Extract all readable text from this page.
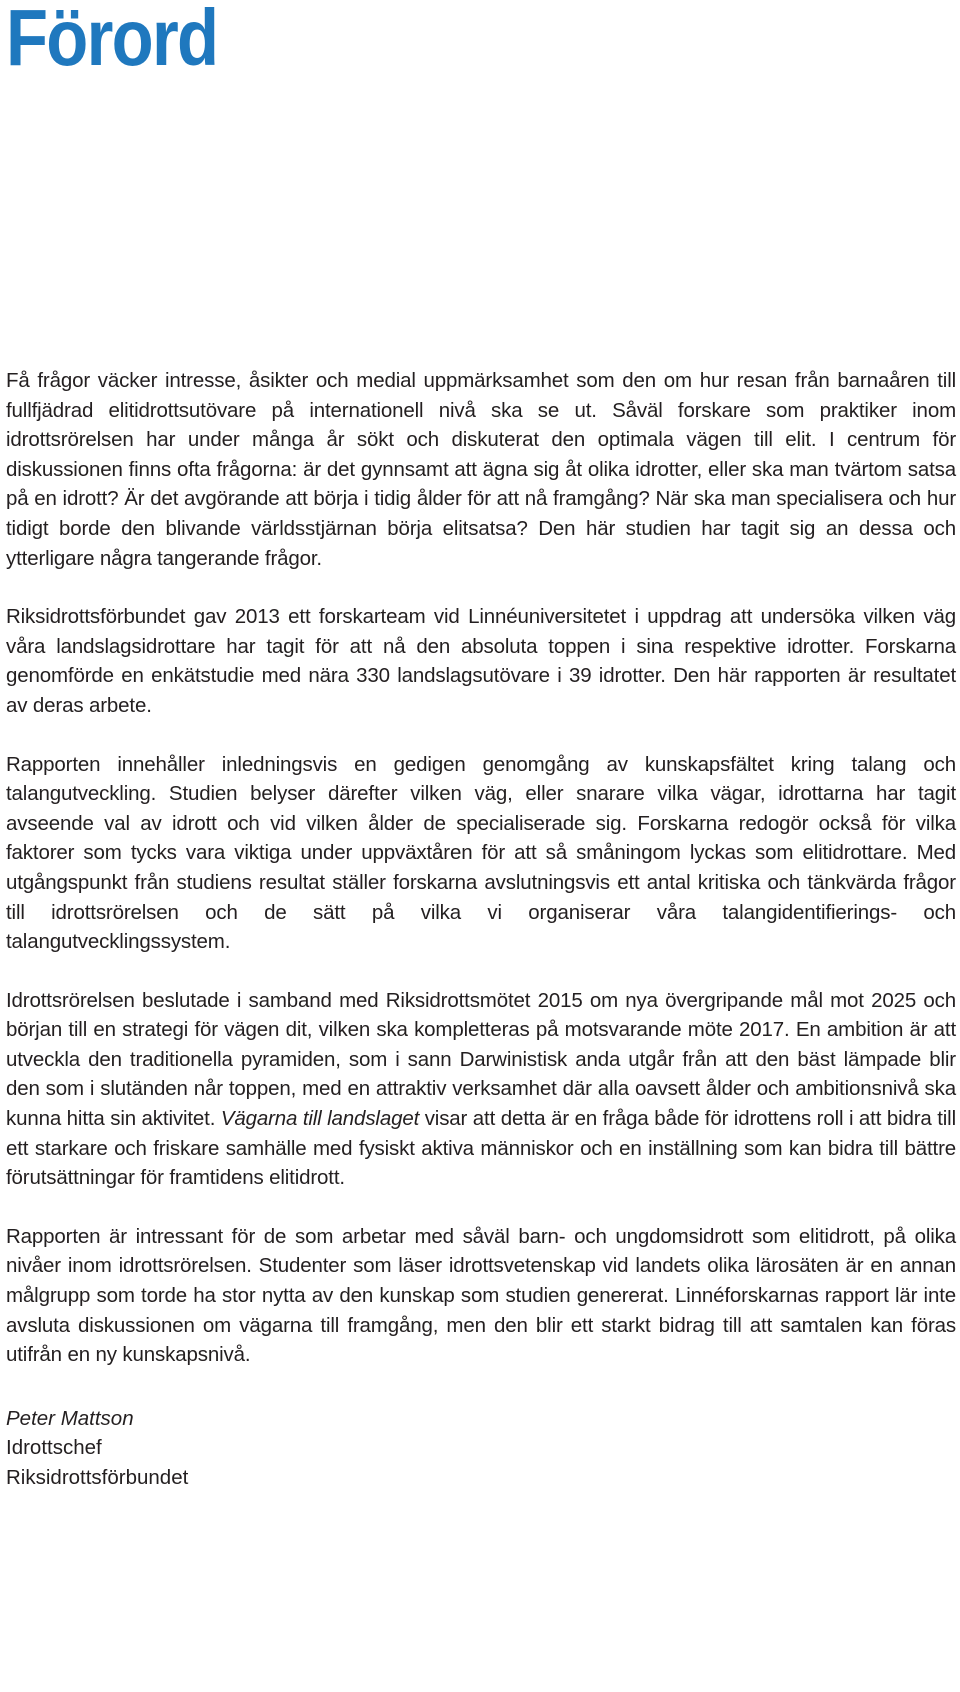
Förord

Få frågor väcker intresse, åsikter och medial uppmärksamhet som den om hur resan från barnaåren till fullfjädrad elitidrottsutövare på internationell nivå ska se ut. Såväl forskare som praktiker inom idrottsrörelsen har under många år sökt och diskuterat den optimala vägen till elit. I centrum för diskussionen finns ofta frågorna: är det gynnsamt att ägna sig åt olika idrotter, eller ska man tvärtom satsa på en idrott? Är det avgörande att börja i tidig ålder för att nå framgång? När ska man specialisera och hur tidigt borde den blivande världsstjärnan börja elitsatsa? Den här studien har tagit sig an dessa och ytterligare några tangerande frågor.

Riksidrottsförbundet gav 2013 ett forskarteam vid Linnéuniversitetet i uppdrag att undersöka vilken väg våra landslagsidrottare har tagit för att nå den absoluta toppen i sina respektive idrotter. Forskarna genomförde en enkätstudie med nära 330 landslagsutövare i 39 idrotter. Den här rapporten är resultatet av deras arbete.

Rapporten innehåller inledningsvis en gedigen genomgång av kunskapsfältet kring talang och talangutveckling. Studien belyser därefter vilken väg, eller snarare vilka vägar, idrottarna har tagit avseende val av idrott och vid vilken ålder de specialiserade sig. Forskarna redogör också för vilka faktorer som tycks vara viktiga under uppväxtåren för att så småningom lyckas som elitidrottare. Med utgångspunkt från studiens resultat ställer forskarna avslutningsvis ett antal kritiska och tänkvärda frågor till idrottsrörelsen och de sätt på vilka vi organiserar våra talangidentifierings- och talangutvecklingssystem.

Idrottsrörelsen beslutade i samband med Riksidrottsmötet 2015 om nya övergripande mål mot 2025 och början till en strategi för vägen dit, vilken ska kompletteras på motsvarande möte 2017. En ambition är att utveckla den traditionella pyramiden, som i sann Darwinistisk anda utgår från att den bäst lämpade blir den som i slutänden når toppen, med en attraktiv verksamhet där alla oavsett ålder och ambitionsnivå ska kunna hitta sin aktivitet. Vägarna till landslaget visar att detta är en fråga både för idrottens roll i att bidra till ett starkare och friskare samhälle med fysiskt aktiva människor och en inställning som kan bidra till bättre förutsättningar för framtidens elitidrott.

Rapporten är intressant för de som arbetar med såväl barn- och ungdomsidrott som elitidrott, på olika nivåer inom idrottsrörelsen. Studenter som läser idrottsvetenskap vid landets olika lärosäten är en annan målgrupp som torde ha stor nytta av den kunskap som studien genererat. Linnéforskarnas rapport lär inte avsluta diskussionen om vägarna till framgång, men den blir ett starkt bidrag till att samtalen kan föras utifrån en ny kunskapsnivå.

Peter Mattson
Idrottschef
Riksidrottsförbundet
